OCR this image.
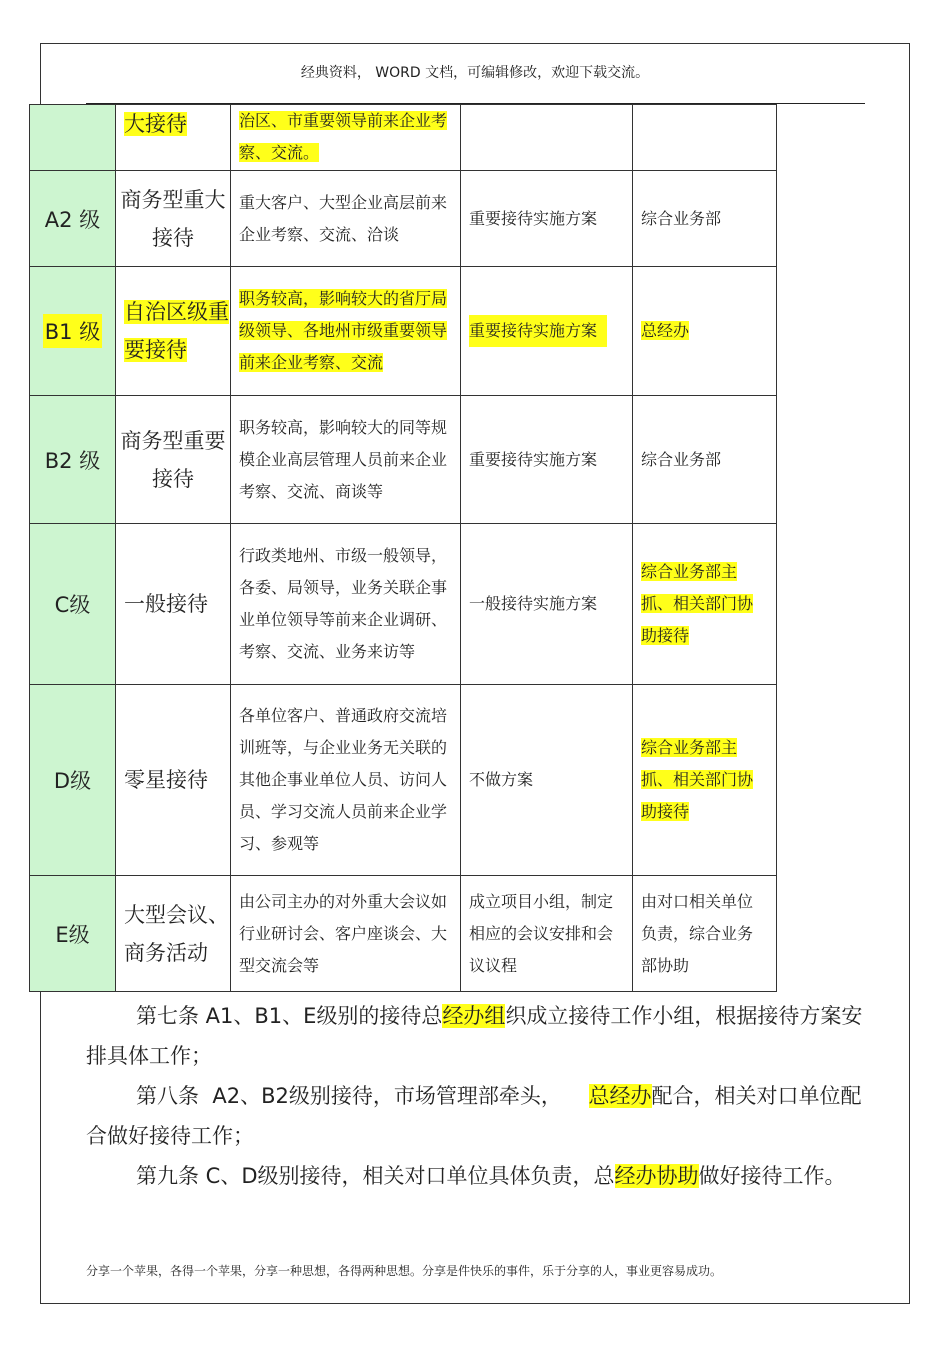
经典资料， WORD 文档，可编辑修改，欢迎下载交流。
	大接待	治区、市重要领导前来企业考察、交流。		
A2 级	商务型重大接待	重大客户、大型企业高层前来企业考察、交流、洽谈	重要接待实施方案	综合业务部
B1 级	自治区级重要接待	职务较高，影响较大的省厅局级领导、各地州市级重要领导前来企业考察、交流	重要接待实施方案	总经办
B2 级	商务型重要接待	职务较高，影响较大的同等规模企业高层管理人员前来企业考察、交流、商谈等	重要接待实施方案	综合业务部
C级	一般接待	行政类地州、市级一般领导，各委、局领导，业务关联企事业单位领导等前来企业调研、考察、交流、业务来访等	一般接待实施方案	综合业务部主抓、相关部门协助接待
D级	零星接待	各单位客户、普通政府交流培训班等，与企业业务无关联的其他企事业单位人员、访问人员、学习交流人员前来企业学习、参观等	不做方案	综合业务部主抓、相关部门协助接待
E级	大型会议、商务活动	由公司主办的对外重大会议如行业研讨会、客户座谈会、大型交流会等	成立项目小组，制定相应的会议安排和会议议程	由对口相关单位负责，综合业务部协助
第七条 A1、B1、E级别的接待总经办组织成立接待工作小组，根据接待方案安排具体工作；
第八条  A2、B2级别接待，市场管理部牵头，    总经办配合，相关对口单位配合做好接待工作；
第九条 C、D级别接待，相关对口单位具体负责，总经办协助做好接待工作。
分享一个苹果，各得一个苹果，分享一种思想，各得两种思想。分享是件快乐的事件，乐于分享的人，事业更容易成功。
